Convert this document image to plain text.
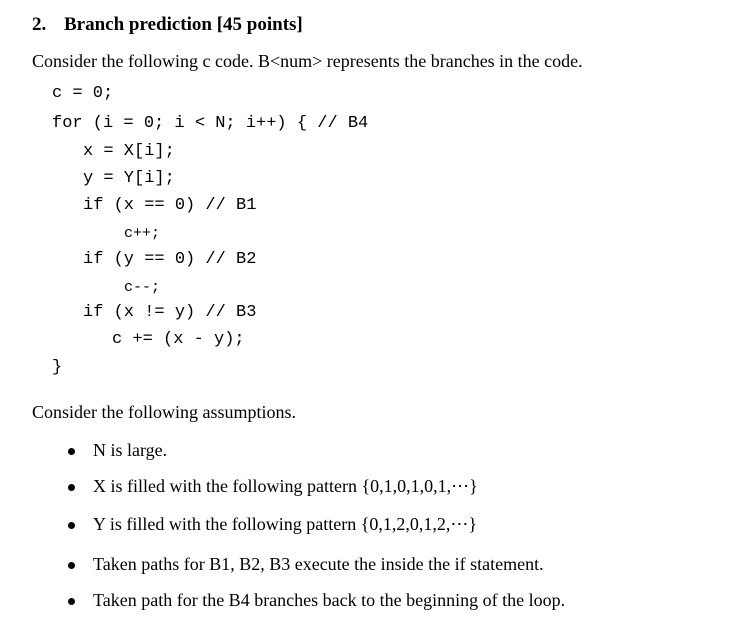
2. Branch prediction [45 points]

Consider the following c code. B<num> represents the branches in the code.

c = 0;
for (i = 0; i < N; i++) { // B4
x = X[i];
y = Y[i];
if (x == 0) // B1
c++;
if (y == 0) // B2
c--;
if (x != y) // B3
c += (x - y);
}

Consider the following assumptions.

N is large.
X is filled with the following pattern {0,1,0,1,0,1,⋯}
Y is filled with the following pattern {0,1,2,0,1,2,⋯}
Taken paths for B1, B2, B3 execute the inside the if statement.
Taken path for the B4 branches back to the beginning of the loop.
